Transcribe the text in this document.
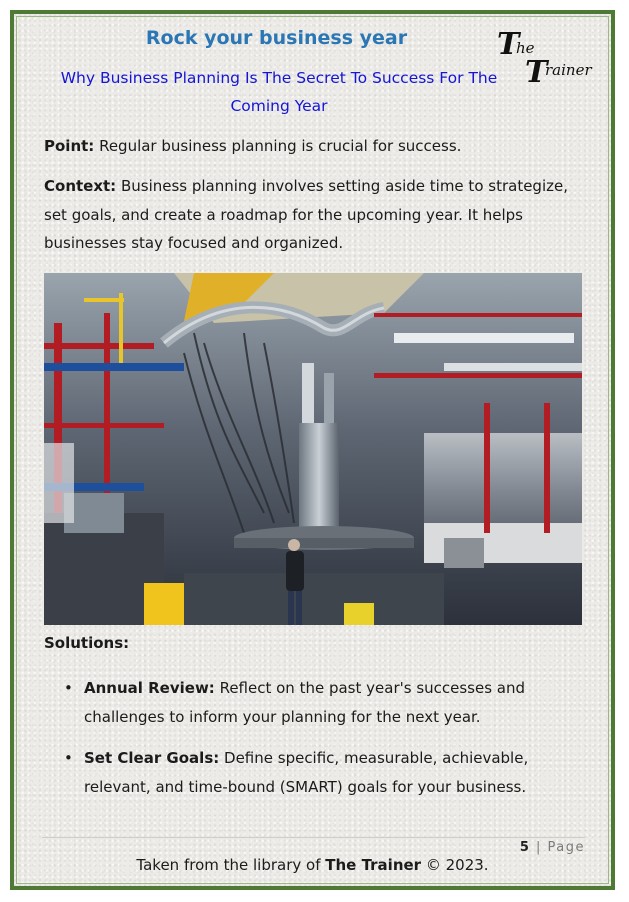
Rock your business year
Why Business Planning Is The Secret To Success For The Coming Year
T
he
T
rainer
Point: Regular business planning is crucial for success.
Context: Business planning involves setting aside time to strategize, set goals, and create a roadmap for the upcoming year. It helps businesses stay focused and organized.
Solutions:
• Annual Review: Reflect on the past year's successes and challenges to inform your planning for the next year.
• Set Clear Goals: Define specific, measurable, achievable, relevant, and time-bound (SMART) goals for your business.
5 | Page
Taken from the library of The Trainer © 2023.
